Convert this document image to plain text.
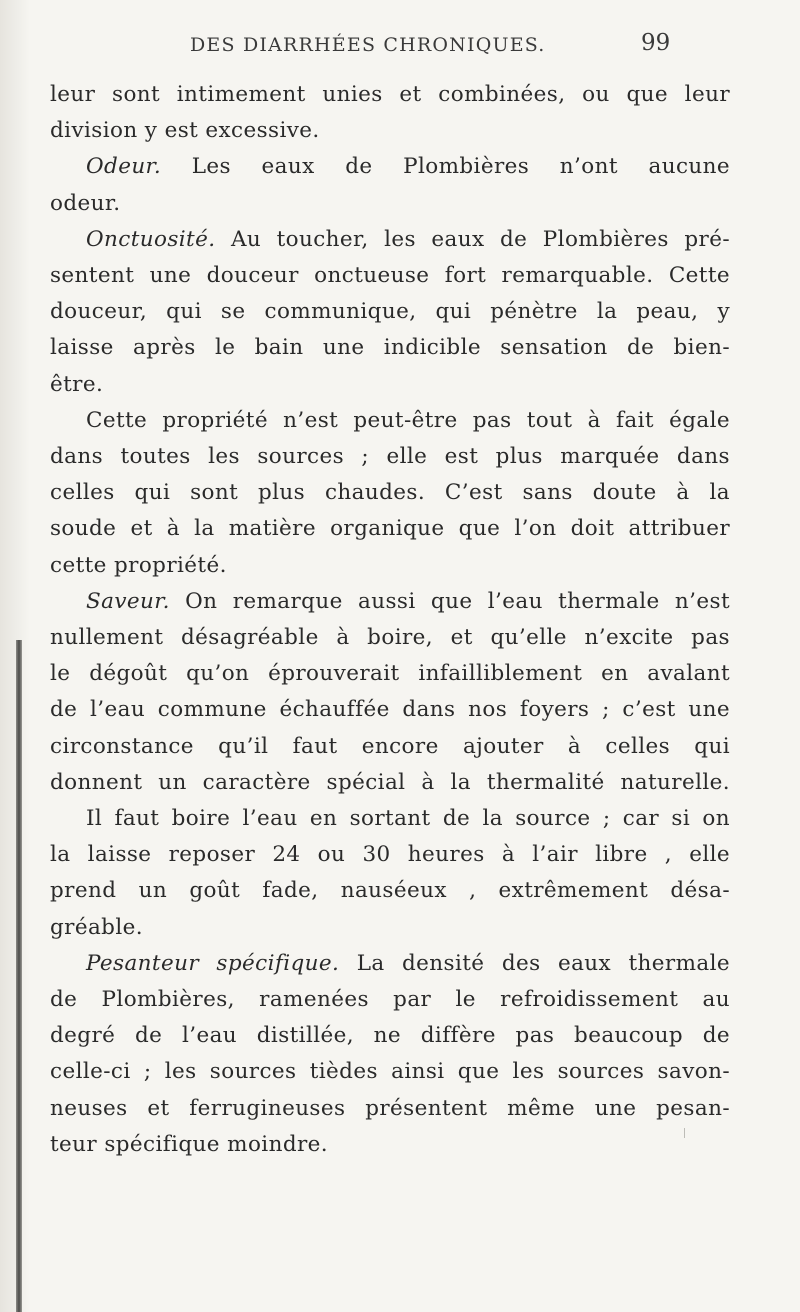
DES DIARRHÉES CHRONIQUES.	99
leur sont intimement unies et combinées, ou que leur
division y est excessive.
Odeur. Les eaux de Plombières n’ont aucune
odeur.
Onctuosité. Au toucher, les eaux de Plombières pré-
sentent une douceur onctueuse fort remarquable. Cette
douceur, qui se communique, qui pénètre la peau, y
laisse après le bain une indicible sensation de bien-
être.
Cette propriété n’est peut-être pas tout à fait égale
dans toutes les sources ; elle est plus marquée dans
celles qui sont plus chaudes. C’est sans doute à la
soude et à la matière organique que l’on doit attribuer
cette propriété.
Saveur. On remarque aussi que l’eau thermale n’est
nullement désagréable à boire, et qu’elle n’excite pas
le dégoût qu’on éprouverait infailliblement en avalant
de l’eau commune échauffée dans nos foyers ; c’est une
circonstance qu’il faut encore ajouter à celles qui
donnent un caractère spécial à la thermalité naturelle.
Il faut boire l’eau en sortant de la source ; car si on
la laisse reposer 24 ou 30 heures à l’air libre , elle
prend un goût fade, nauséeux , extrêmement désa-
gréable.
Pesanteur spécifique. La densité des eaux thermale
de Plombières, ramenées par le refroidissement au
degré de l’eau distillée, ne diffère pas beaucoup de
celle-ci ; les sources tièdes ainsi que les sources savon-
neuses et ferrugineuses présentent même une pesan-
teur spécifique moindre.
